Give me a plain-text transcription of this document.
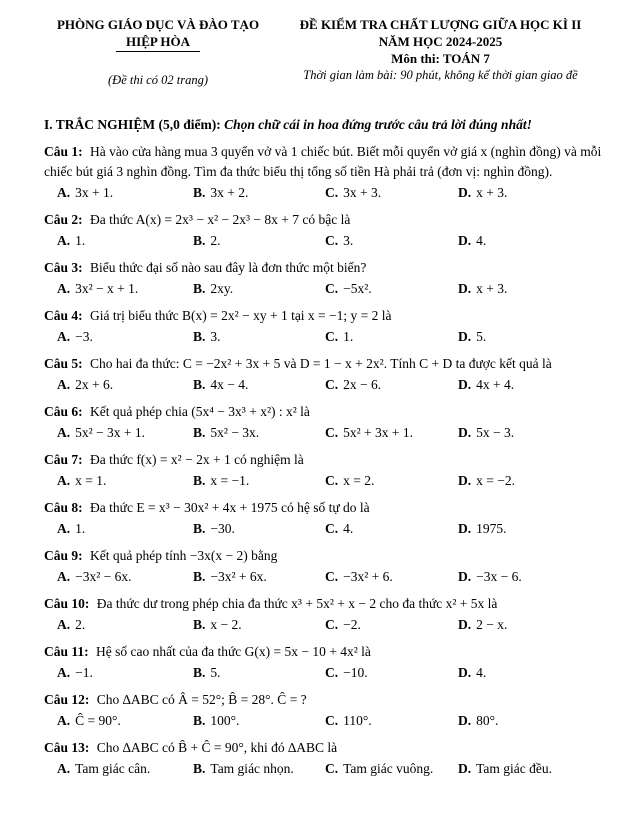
PHÒNG GIÁO DỤC VÀ ĐÀO TẠO
HIỆP HÒA
(Đề thi có 02 trang)
ĐỀ KIỂM TRA CHẤT LƯỢNG GIỮA HỌC KÌ II
NĂM HỌC 2024-2025
Môn thi: TOÁN 7
Thời gian làm bài: 90 phút, không kể thời gian giao đề
I. TRẮC NGHIỆM (5,0 điểm): Chọn chữ cái in hoa đứng trước câu trả lời đúng nhất!
Câu 1: Hà vào cửa hàng mua 3 quyển vở và 1 chiếc bút. Biết mỗi quyển vở giá x (nghìn đồng) và mỗi chiếc bút giá 3 nghìn đồng. Tìm đa thức biểu thị tổng số tiền Hà phải trả (đơn vị: nghìn đồng).
A. 3x + 1.	B. 3x + 2.	C. 3x + 3.	D. x + 3.
Câu 2: Đa thức A(x) = 2x³ − x² − 2x³ − 8x + 7 có bậc là
A. 1.	B. 2.	C. 3.	D. 4.
Câu 3: Biểu thức đại số nào sau đây là đơn thức một biến?
A. 3x² − x + 1.	B. 2xy.	C. −5x².	D. x + 3.
Câu 4: Giá trị biểu thức B(x) = 2x² − xy + 1 tại x = −1; y = 2 là
A. −3.	B. 3.	C. 1.	D. 5.
Câu 5: Cho hai đa thức: C = −2x² + 3x + 5 và D = 1 − x + 2x². Tính C + D ta được kết quả là
A. 2x + 6.	B. 4x − 4.	C. 2x − 6.	D. 4x + 4.
Câu 6: Kết quả phép chia (5x⁴ − 3x³ + x²) : x² là
A. 5x² − 3x + 1.	B. 5x² − 3x.	C. 5x² + 3x + 1.	D. 5x − 3.
Câu 7: Đa thức f(x) = x² − 2x + 1 có nghiệm là
A. x = 1.	B. x = −1.	C. x = 2.	D. x = −2.
Câu 8: Đa thức E = x³ − 30x² + 4x + 1975 có hệ số tự do là
A. 1.	B. −30.	C. 4.	D. 1975.
Câu 9: Kết quả phép tính −3x(x − 2) bằng
A. −3x² − 6x.	B. −3x² + 6x.	C. −3x² + 6.	D. −3x − 6.
Câu 10: Đa thức dư trong phép chia đa thức x³ + 5x² + x − 2 cho đa thức x² + 5x là
A. 2.	B. x − 2.	C. −2.	D. 2 − x.
Câu 11: Hệ số cao nhất của đa thức G(x) = 5x − 10 + 4x² là
A. −1.	B. 5.	C. −10.	D. 4.
Câu 12: Cho ∆ABC có Â = 52°; B̂ = 28°. Ĉ = ?
A. Ĉ = 90°.	B. 100°.	C. 110°.	D. 80°.
Câu 13: Cho ∆ABC có B̂ + Ĉ = 90°, khi đó ∆ABC là
A. Tam giác cân.	B. Tam giác nhọn.	C. Tam giác vuông.	D. Tam giác đều.
